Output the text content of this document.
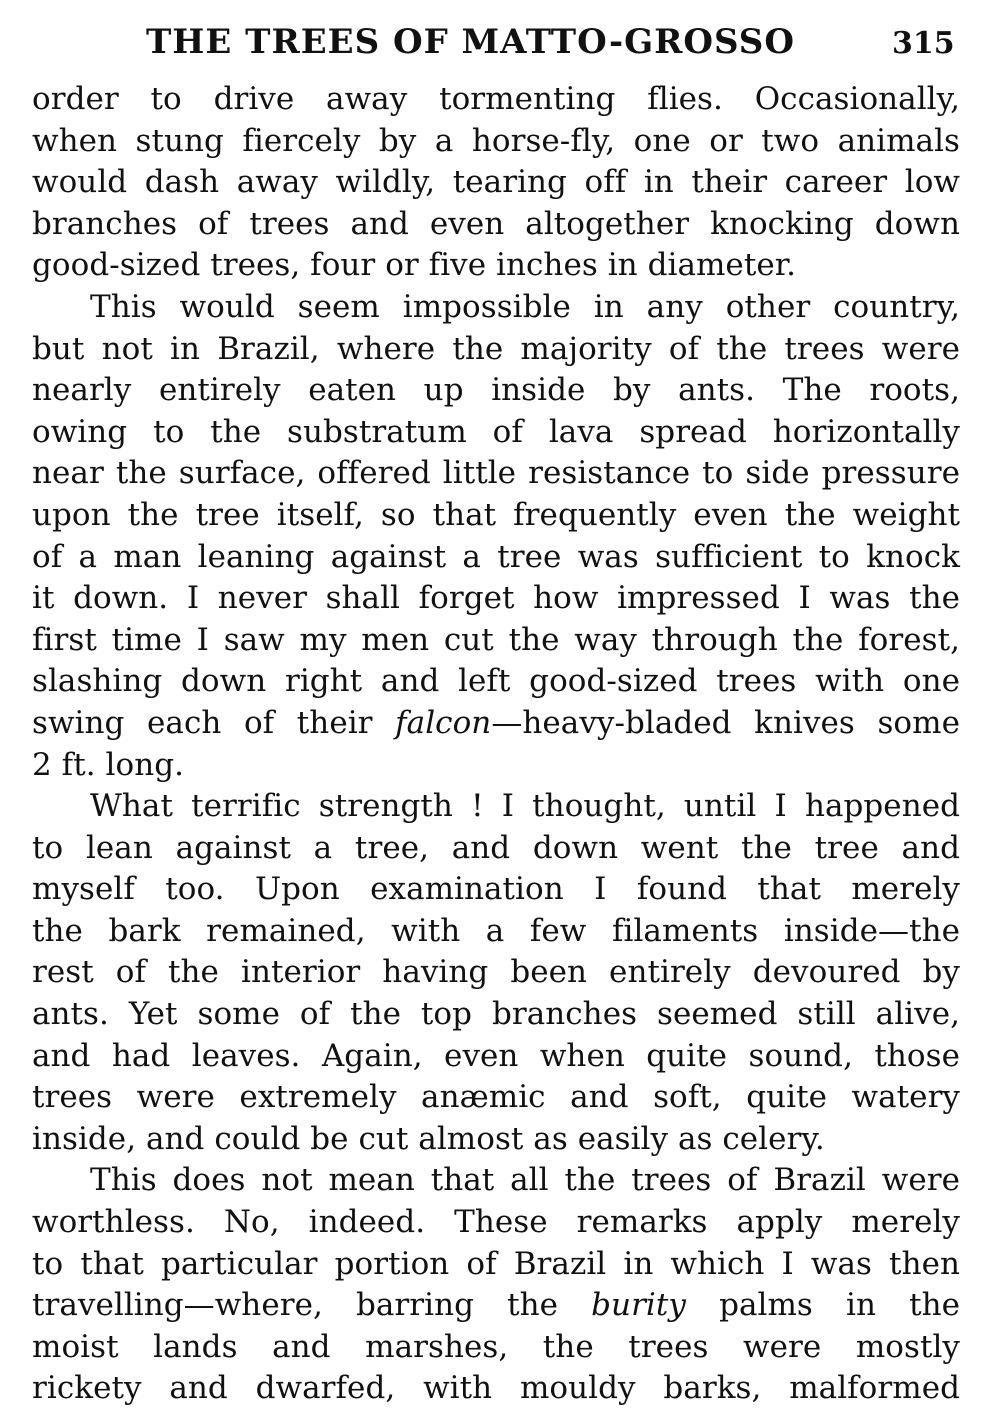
THE TREES OF MATTO-GROSSO	315
order to drive away tormenting flies. Occasionally,
when stung fiercely by a horse-fly, one or two animals
would dash away wildly, tearing off in their career low
branches of trees and even altogether knocking down
good-sized trees, four or five inches in diameter.
This would seem impossible in any other country,
but not in Brazil, where the majority of the trees were
nearly entirely eaten up inside by ants. The roots,
owing to the substratum of lava spread horizontally
near the surface, offered little resistance to side pressure
upon the tree itself, so that frequently even the weight
of a man leaning against a tree was sufficient to knock
it down. I never shall forget how impressed I was the
first time I saw my men cut the way through the forest,
slashing down right and left good-sized trees with one
swing each of their falcon—heavy-bladed knives some
2 ft. long.
What terrific strength ! I thought, until I happened
to lean against a tree, and down went the tree and
myself too. Upon examination I found that merely
the bark remained, with a few filaments inside—the
rest of the interior having been entirely devoured by
ants. Yet some of the top branches seemed still alive,
and had leaves. Again, even when quite sound, those
trees were extremely anæmic and soft, quite watery
inside, and could be cut almost as easily as celery.
This does not mean that all the trees of Brazil were
worthless. No, indeed. These remarks apply merely
to that particular portion of Brazil in which I was then
travelling—where, barring the burity palms in the
moist lands and marshes, the trees were mostly
rickety and dwarfed, with mouldy barks, malformed
